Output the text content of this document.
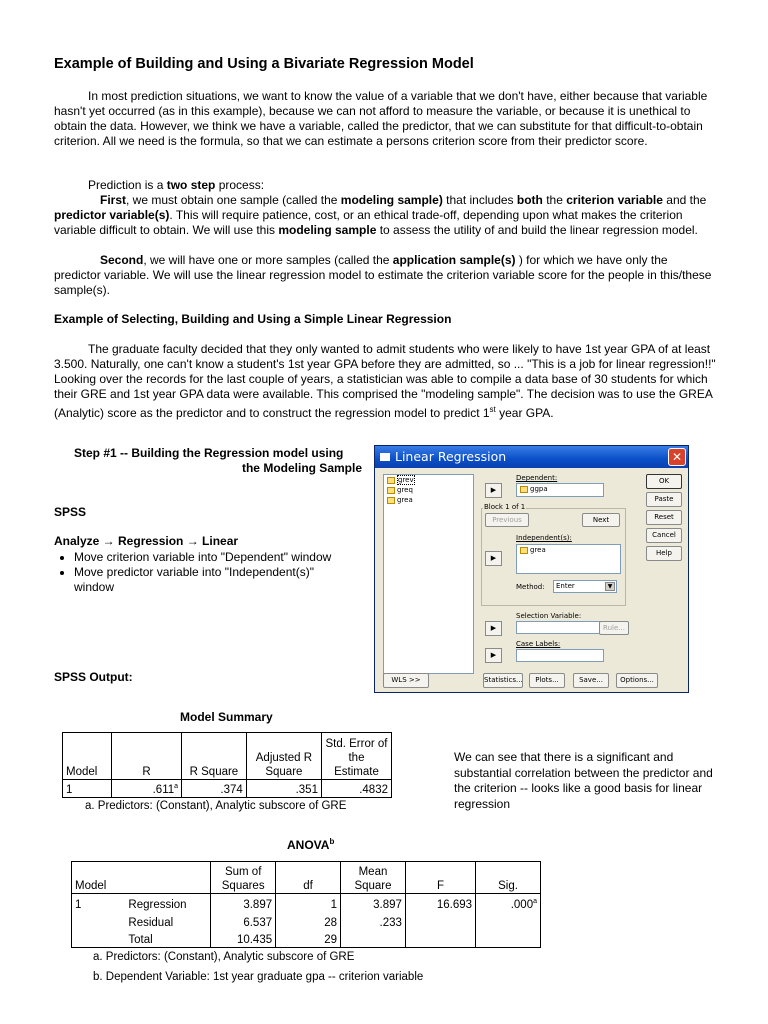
Example of Building and Using a Bivariate Regression Model
In most prediction situations, we want to know the value of a variable that we don't have, either because that variable hasn't yet occurred (as in this example), because we can not afford to measure the variable, or because it is unethical to obtain the data. However, we think we have a variable, called the predictor, that we can substitute for that difficult-to-obtain criterion. All we need is the formula, so that we can estimate a persons criterion score from their predictor score.
Prediction is a two step process:
First, we must obtain one sample (called the modeling sample) that includes both the criterion variable and the predictor variable(s). This will require patience, cost, or an ethical trade-off, depending upon what makes the criterion variable difficult to obtain. We will use this modeling sample to assess the utility of and build the linear regression model.
Second, we will have one or more samples (called the application sample(s) ) for which we have only the predictor variable. We will use the linear regression model to estimate the criterion variable score for the people in this/these sample(s).
Example of Selecting, Building and Using a Simple Linear Regression
The graduate faculty decided that they only wanted to admit students who were likely to have 1st year GPA of at least 3.500. Naturally, one can't know a student's 1st year GPA before they are admitted, so ... "This is a job for linear regression!!" Looking over the records for the last couple of years, a statistician was able to compile a data base of 30 students for which their GRE and 1st year GPA data were available. This comprised the "modeling sample". The decision was to use the GREA (Analytic) score as the predictor and to construct the regression model to predict 1st year GPA.
Step #1 -- Building the Regression model using
the Modeling Sample
SPSS
Analyze → Regression → Linear
• Move criterion variable into "Dependent" window
• Move predictor variable into "Independent(s)" window
SPSS Output:
Linear Regression	✕
grev
greq
grea
Dependent:
▶	ggpa
Block 1 of 1
Previous	Next
Independent(s):
▶
grea
Method:	Enter	▼
Selection Variable:
▶	Rule...
Case Labels:
▶
OK
Paste
Reset
Cancel
Help
WLS >>	Statistics...	Plots...	Save...	Options...
Model Summary
Model	R	R Square	Adjusted R Square	Std. Error of the Estimate
1	.611$^a$	.374	.351	.4832
a. Predictors: (Constant), Analytic subscore of GRE
We can see that there is a significant and substantial correlation between the predictor and the criterion -- looks like a good basis for linear regression
ANOVA$^b$
Model		Sum of Squares	df	Mean Square	F	Sig.
1	Regression	3.897	1	3.897	16.693	.000$^a$
	Residual	6.537	28	.233		
	Total	10.435	29			
a. Predictors: (Constant), Analytic subscore of GRE
b. Dependent Variable: 1st year graduate gpa -- criterion variable
